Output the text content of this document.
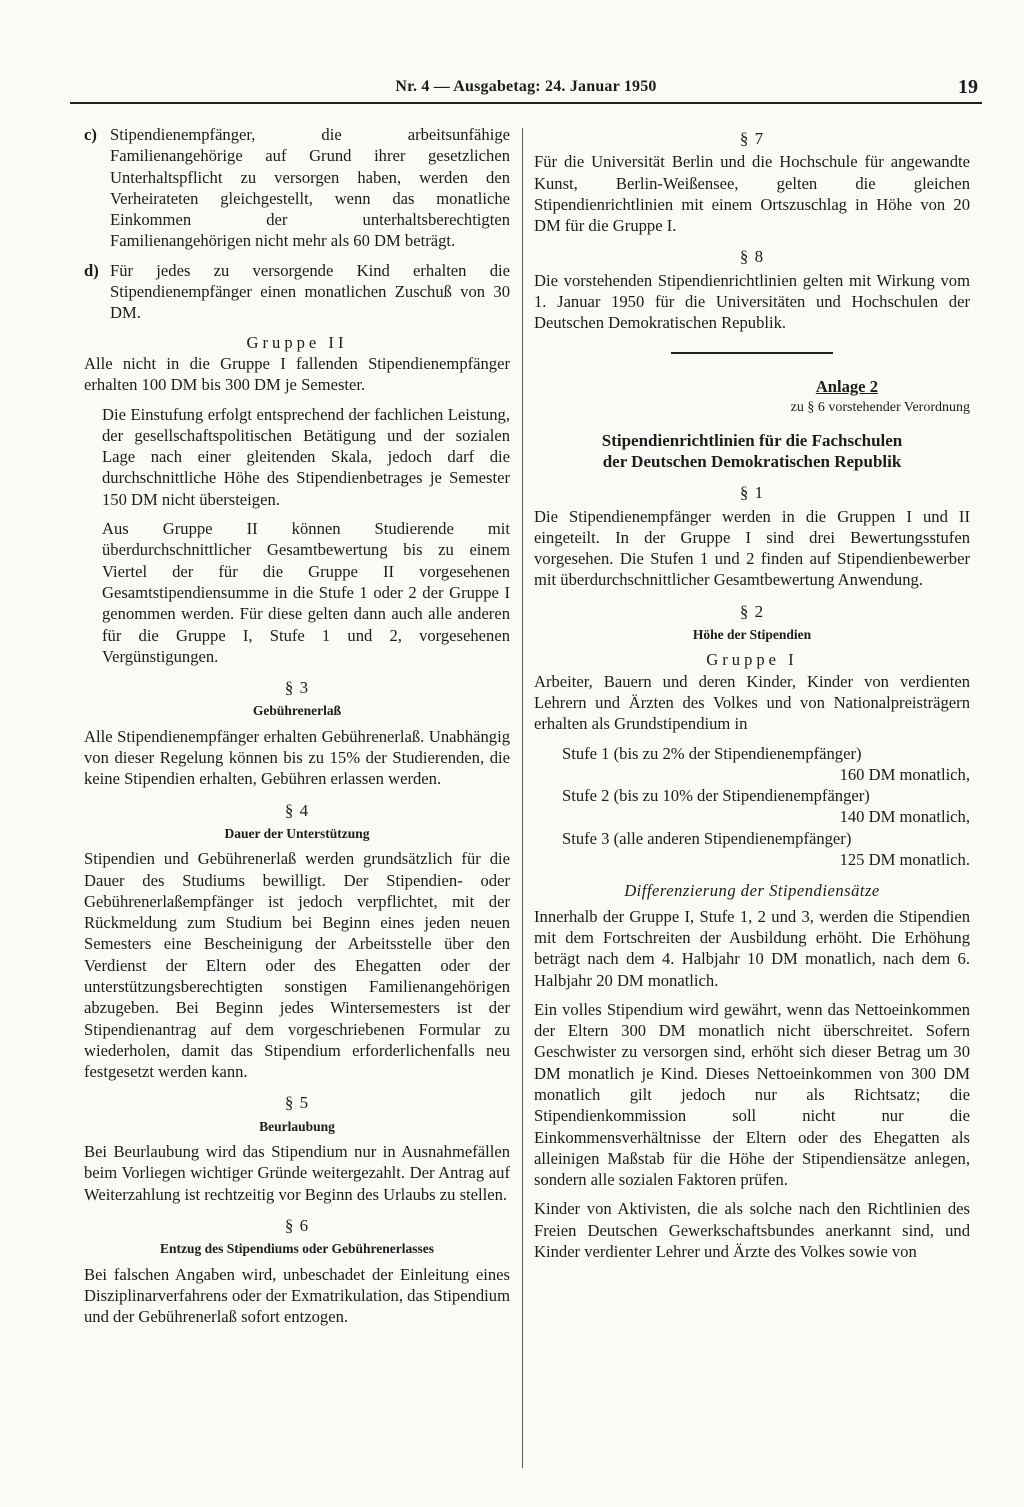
Nr. 4 — Ausgabetag: 24. Januar 1950	19
c) Stipendienempfänger, die arbeitsunfähige Familienangehörige auf Grund ihrer gesetzlichen Unterhaltspflicht zu versorgen haben, werden den Verheirateten gleichgestellt, wenn das monatliche Einkommen der unterhaltsberechtigten Familienangehörigen nicht mehr als 60 DM beträgt.
d) Für jedes zu versorgende Kind erhalten die Stipendienempfänger einen monatlichen Zuschuß von 30 DM.
Gruppe II

Alle nicht in die Gruppe I fallenden Stipendienempfänger erhalten 100 DM bis 300 DM je Semester.

Die Einstufung erfolgt entsprechend der fachlichen Leistung, der gesellschaftspolitischen Betätigung und der sozialen Lage nach einer gleitenden Skala, jedoch darf die durchschnittliche Höhe des Stipendienbetrages je Semester 150 DM nicht übersteigen.

Aus Gruppe II können Studierende mit überdurchschnittlicher Gesamtbewertung bis zu einem Viertel der für die Gruppe II vorgesehenen Gesamtstipendiensumme in die Stufe 1 oder 2 der Gruppe I genommen werden. Für diese gelten dann auch alle anderen für die Gruppe I, Stufe 1 und 2, vorgesehenen Vergünstigungen.

§ 3
Gebührenerlaß

Alle Stipendienempfänger erhalten Gebührenerlaß. Unabhängig von dieser Regelung können bis zu 15% der Studierenden, die keine Stipendien erhalten, Gebühren erlassen werden.

§ 4
Dauer der Unterstützung

Stipendien und Gebührenerlaß werden grundsätzlich für die Dauer des Studiums bewilligt. Der Stipendien- oder Gebührenerlaßempfänger ist jedoch verpflichtet, mit der Rückmeldung zum Studium bei Beginn eines jeden neuen Semesters eine Bescheinigung der Arbeitsstelle über den Verdienst der Eltern oder des Ehegatten oder der unterstützungsberechtigten sonstigen Familienangehörigen abzugeben. Bei Beginn jedes Wintersemesters ist der Stipendienantrag auf dem vorgeschriebenen Formular zu wiederholen, damit das Stipendium erforderlichenfalls neu festgesetzt werden kann.

§ 5
Beurlaubung

Bei Beurlaubung wird das Stipendium nur in Ausnahmefällen beim Vorliegen wichtiger Gründe weitergezahlt. Der Antrag auf Weiterzahlung ist rechtzeitig vor Beginn des Urlaubs zu stellen.

§ 6
Entzug des Stipendiums oder Gebührenerlasses

Bei falschen Angaben wird, unbeschadet der Einleitung eines Disziplinarverfahrens oder der Exmatrikulation, das Stipendium und der Gebührenerlaß sofort entzogen.

§ 7

Für die Universität Berlin und die Hochschule für angewandte Kunst, Berlin-Weißensee, gelten die gleichen Stipendienrichtlinien mit einem Ortszuschlag in Höhe von 20 DM für die Gruppe I.

§ 8

Die vorstehenden Stipendienrichtlinien gelten mit Wirkung vom 1. Januar 1950 für die Universitäten und Hochschulen der Deutschen Demokratischen Republik.

Anlage 2

zu § 6 vorstehender Verordnung

Stipendienrichtlinien für die Fachschulen
der Deutschen Demokratischen Republik
§ 1

Die Stipendienempfänger werden in die Gruppen I und II eingeteilt. In der Gruppe I sind drei Bewertungsstufen vorgesehen. Die Stufen 1 und 2 finden auf Stipendienbewerber mit überdurchschnittlicher Gesamtbewertung Anwendung.

§ 2
Höhe der Stipendien
Gruppe I

Arbeiter, Bauern und deren Kinder, Kinder von verdienten Lehrern und Ärzten des Volkes und von Nationalpreisträgern erhalten als Grundstipendium in

Stufe 1 (bis zu 2% der Stipendienempfänger)
160 DM monatlich,

Stufe 2 (bis zu 10% der Stipendienempfänger)
140 DM monatlich,

Stufe 3 (alle anderen Stipendienempfänger)
125 DM monatlich.

Differenzierung der Stipendiensätze

Innerhalb der Gruppe I, Stufe 1, 2 und 3, werden die Stipendien mit dem Fortschreiten der Ausbildung erhöht. Die Erhöhung beträgt nach dem 4. Halbjahr 10 DM monatlich, nach dem 6. Halbjahr 20 DM monatlich.

Ein volles Stipendium wird gewährt, wenn das Nettoeinkommen der Eltern 300 DM monatlich nicht überschreitet. Sofern Geschwister zu versorgen sind, erhöht sich dieser Betrag um 30 DM monatlich je Kind. Dieses Nettoeinkommen von 300 DM monatlich gilt jedoch nur als Richtsatz; die Stipendienkommission soll nicht nur die Einkommensverhältnisse der Eltern oder des Ehegatten als alleinigen Maßstab für die Höhe der Stipendiensätze anlegen, sondern alle sozialen Faktoren prüfen.

Kinder von Aktivisten, die als solche nach den Richtlinien des Freien Deutschen Gewerkschaftsbundes anerkannt sind, und Kinder verdienter Lehrer und Ärzte des Volkes sowie von
